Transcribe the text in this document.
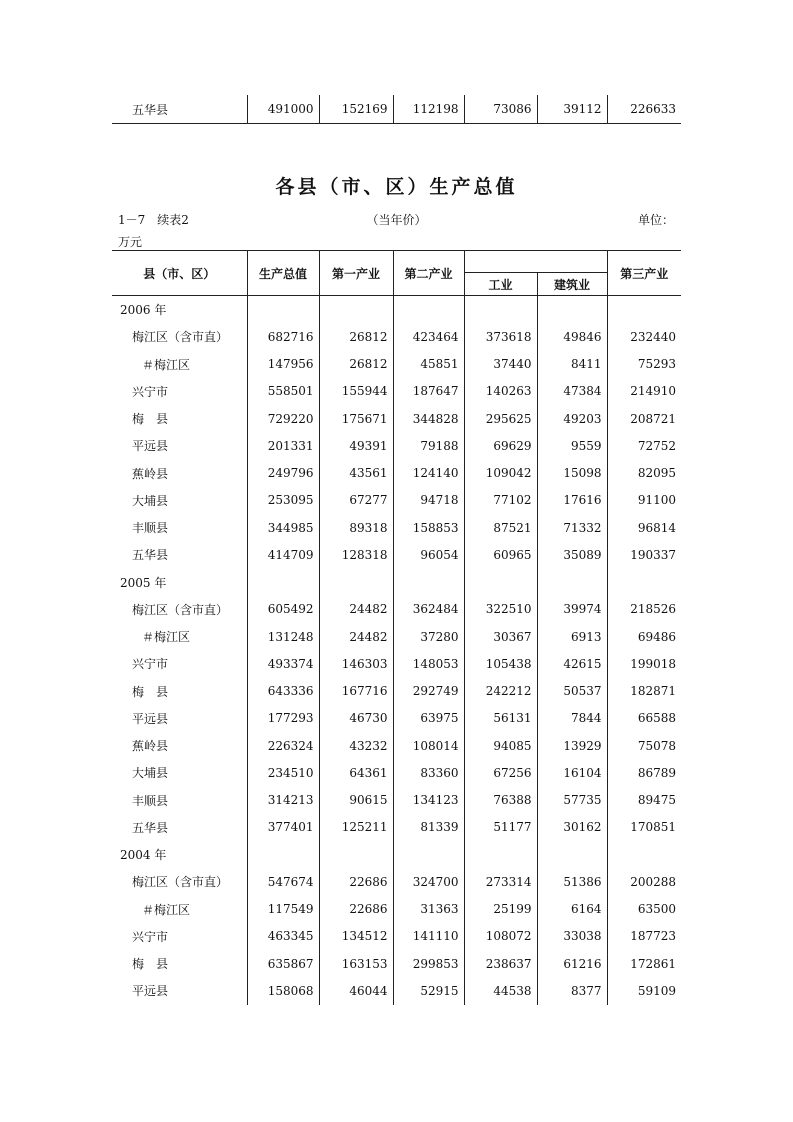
五华县	491000	152169	112198	73086	39112	226633
各县（市、区）生产总值
1－7　续表2	（当年价）	单位：
万元
县（市、区）	生产总值	第一产业	第二产业			第三产业
				工业	建筑业	
2006 年						
梅江区（含市直）	682716	26812	423464	373618	49846	232440
＃梅江区	147956	26812	45851	37440	8411	75293
兴宁市	558501	155944	187647	140263	47384	214910
梅　县	729220	175671	344828	295625	49203	208721
平远县	201331	49391	79188	69629	9559	72752
蕉岭县	249796	43561	124140	109042	15098	82095
大埔县	253095	67277	94718	77102	17616	91100
丰顺县	344985	89318	158853	87521	71332	96814
五华县	414709	128318	96054	60965	35089	190337
2005 年						
梅江区（含市直）	605492	24482	362484	322510	39974	218526
＃梅江区	131248	24482	37280	30367	6913	69486
兴宁市	493374	146303	148053	105438	42615	199018
梅　县	643336	167716	292749	242212	50537	182871
平远县	177293	46730	63975	56131	7844	66588
蕉岭县	226324	43232	108014	94085	13929	75078
大埔县	234510	64361	83360	67256	16104	86789
丰顺县	314213	90615	134123	76388	57735	89475
五华县	377401	125211	81339	51177	30162	170851
2004 年						
梅江区（含市直）	547674	22686	324700	273314	51386	200288
＃梅江区	117549	22686	31363	25199	6164	63500
兴宁市	463345	134512	141110	108072	33038	187723
梅　县	635867	163153	299853	238637	61216	172861
平远县	158068	46044	52915	44538	8377	59109
